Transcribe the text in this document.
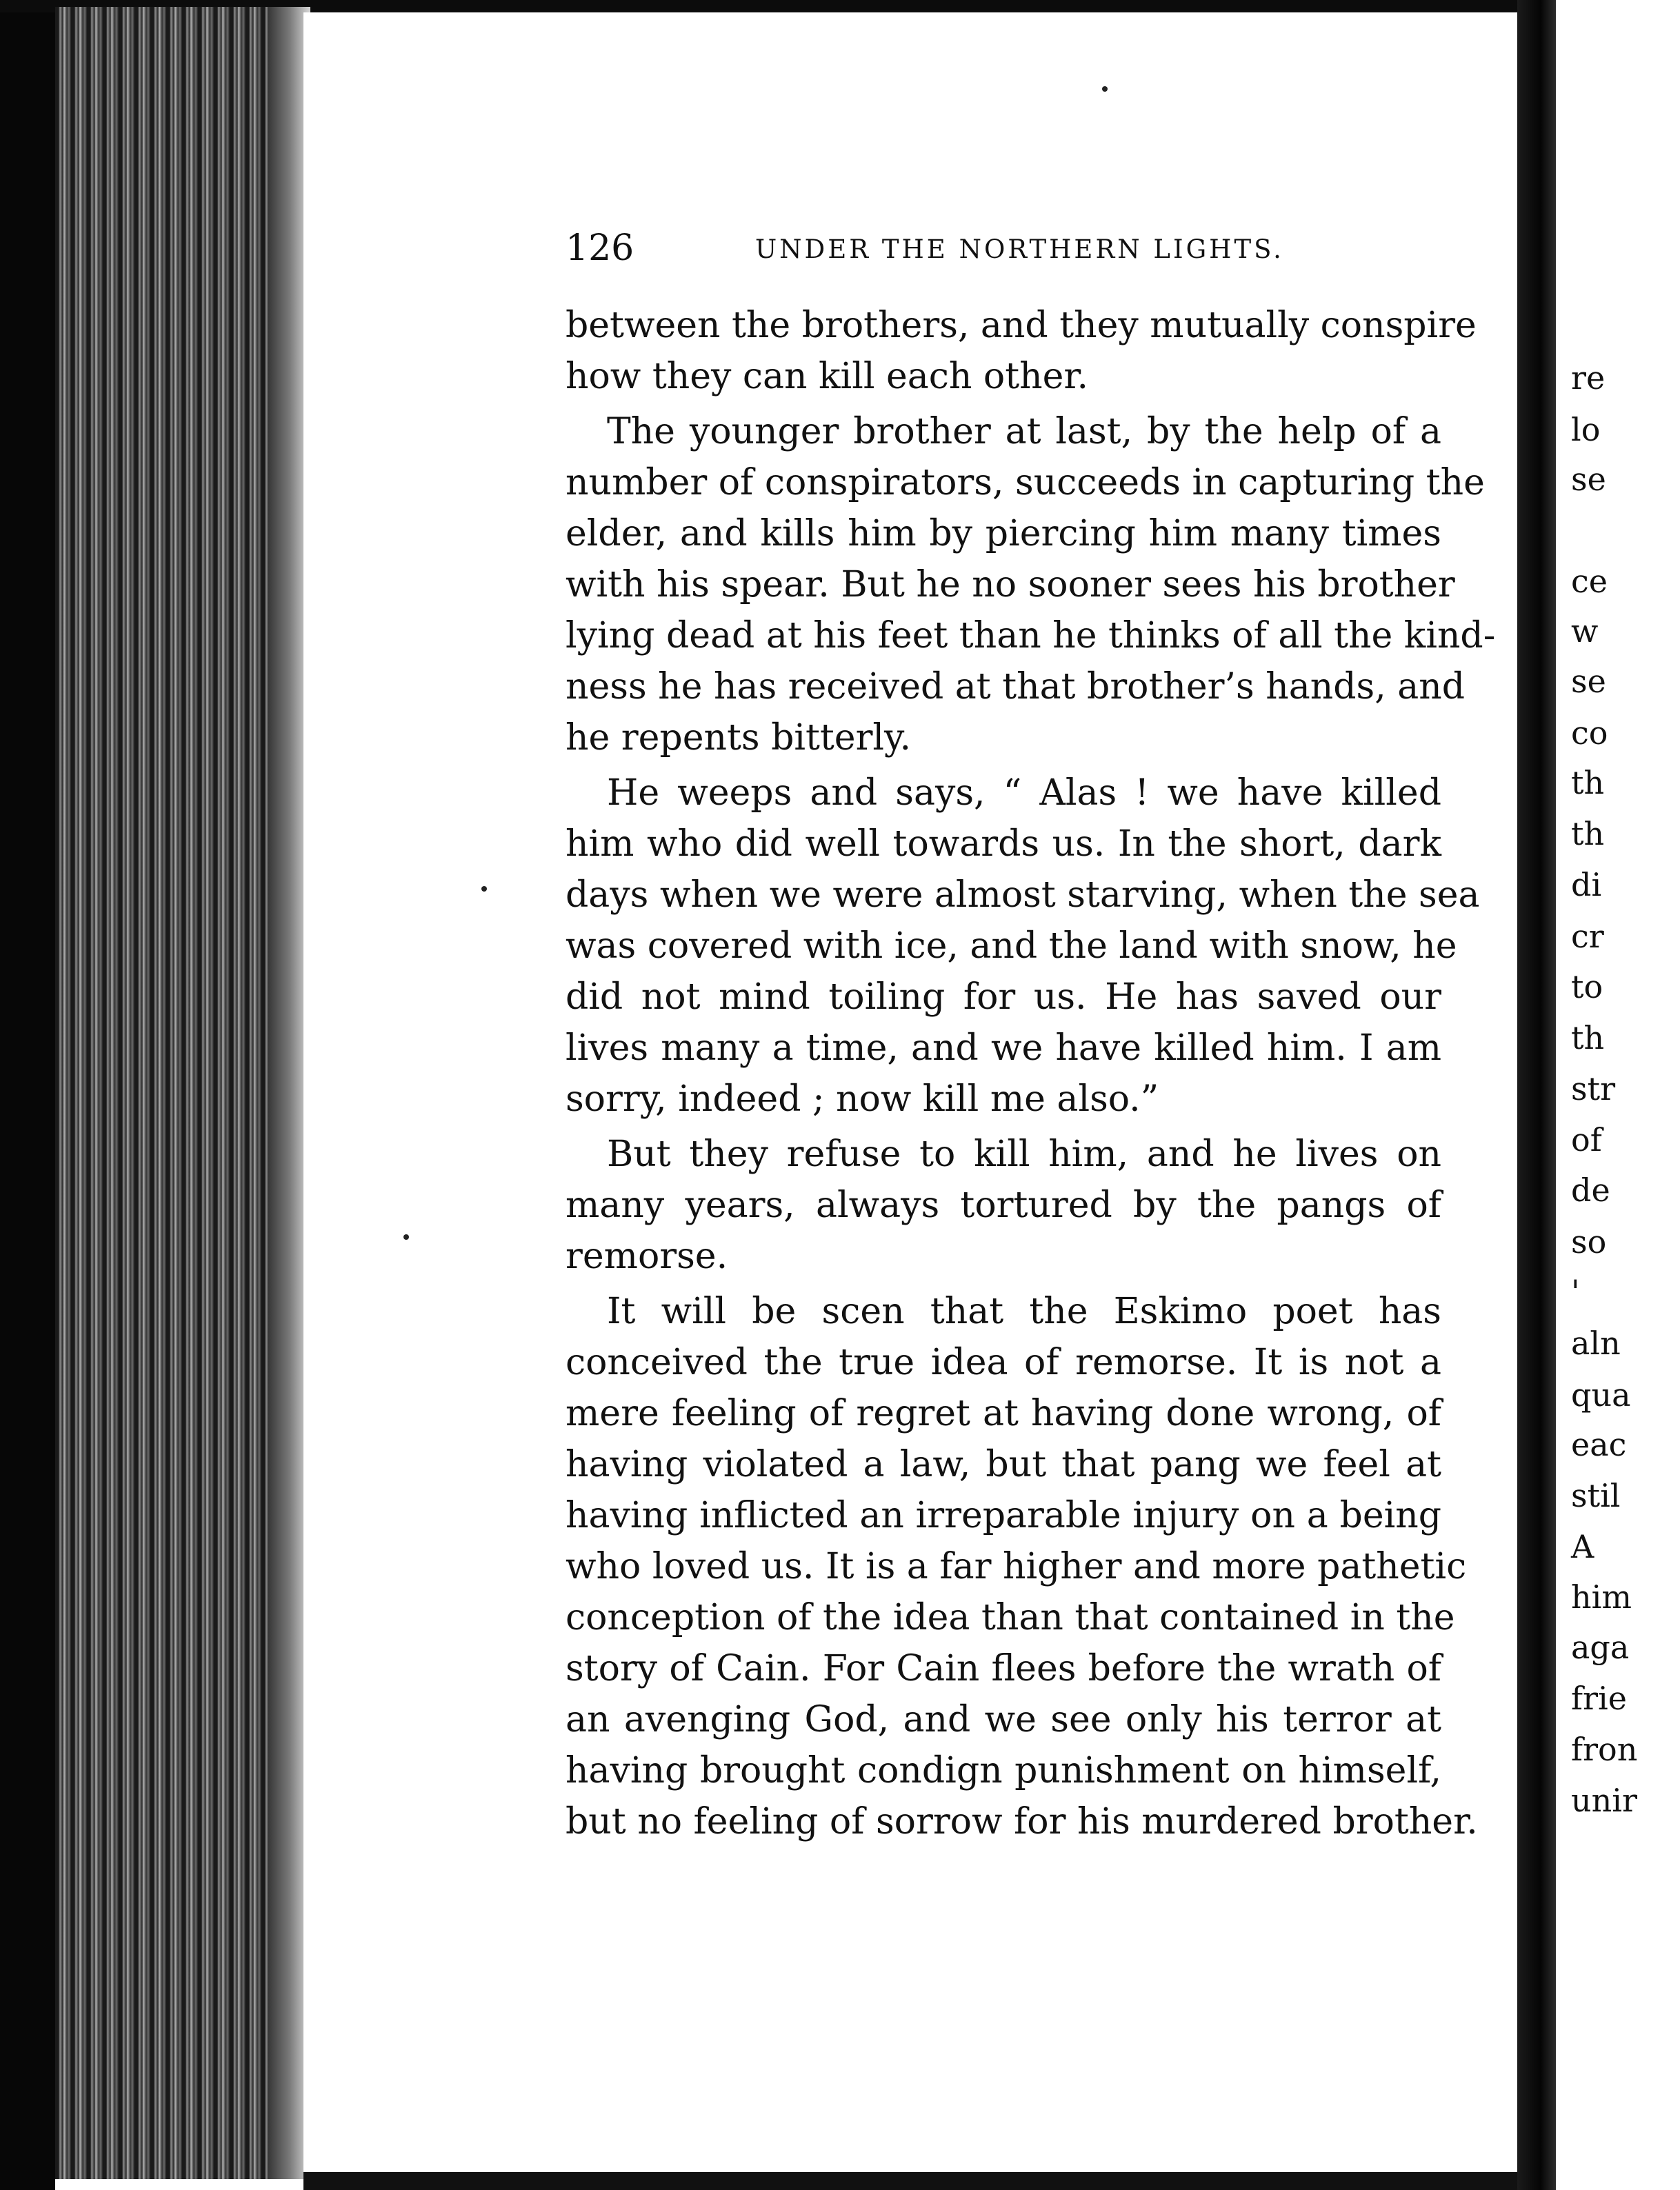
re

lo

se

ce

w

se

co

th

th

di

cr

to

th

str

of

de

so

'

aln

qua

eac

stil

A

him

aga

frie

fron

unir

126	UNDER THE NORTHERN LIGHTS.

between the brothers, and they mutually conspire
how they can kill each other.
The younger brother at last, by the help of a
number of conspirators, succeeds in capturing the
elder, and kills him by piercing him many times
with his spear. But he no sooner sees his brother
lying dead at his feet than he thinks of all the kind-
ness he has received at that brother’s hands, and
he repents bitterly.
He weeps and says, “ Alas ! we have killed
him who did well towards us. In the short, dark
days when we were almost starving, when the sea
was covered with ice, and the land with snow, he
did not mind toiling for us. He has saved our
lives many a time, and we have killed him. I am
sorry, indeed ; now kill me also.”
But they refuse to kill him, and he lives on
many years, always tortured by the pangs of
remorse.
It will be scen that the Eskimo poet has
conceived the true idea of remorse. It is not a
mere feeling of regret at having done wrong, of
having violated a law, but that pang we feel at
having inflicted an irreparable injury on a being
who loved us. It is a far higher and more pathetic
conception of the idea than that contained in the
story of Cain. For Cain flees before the wrath of
an avenging God, and we see only his terror at
having brought condign punishment on himself,
but no feeling of sorrow for his murdered brother.
